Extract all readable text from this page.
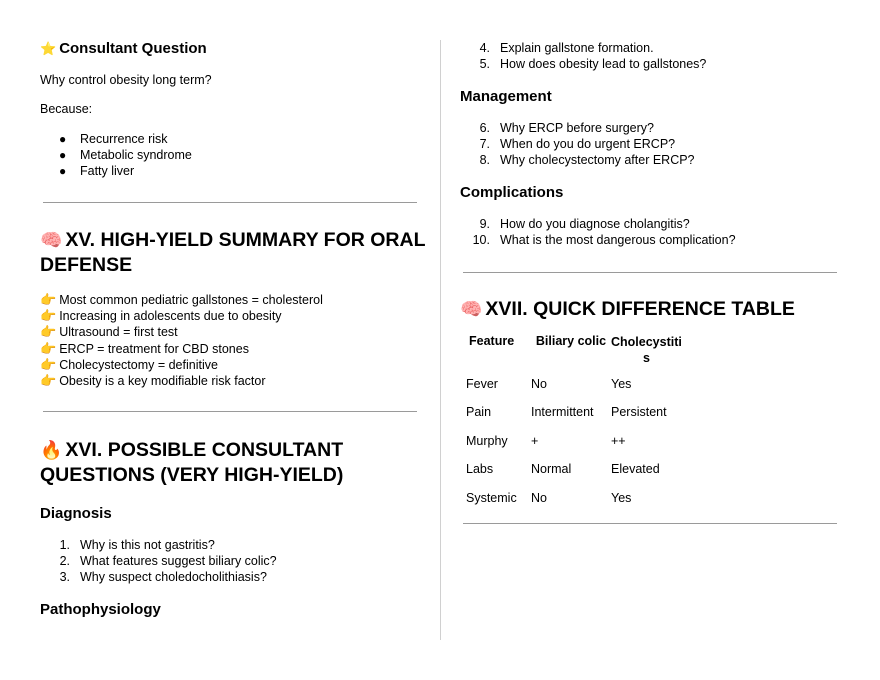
⭐ Consultant Question

Why control obesity long term?

Because:

● Recurrence risk
● Metabolic syndrome
● Fatty liver
🧠 XV. HIGH-YIELD SUMMARY FOR ORAL
DEFENSE
👉 Most common pediatric gallstones = cholesterol
👉 Increasing in adolescents due to obesity
👉 Ultrasound = first test
👉 ERCP = treatment for CBD stones
👉 Cholecystectomy = definitive
👉 Obesity is a key modifiable risk factor
🔥 XVI. POSSIBLE CONSULTANT
QUESTIONS (VERY HIGH-YIELD)
Diagnosis
1. Why is this not gastritis?
2. What features suggest biliary colic?
3. Why suspect choledocholithiasis?
Pathophysiology
4. Explain gallstone formation.
5. How does obesity lead to gallstones?
Management
6. Why ERCP before surgery?
7. When do you do urgent ERCP?
8. Why cholecystectomy after ERCP?
Complications
9. How do you diagnose cholangitis?
10. What is the most dangerous complication?
🧠 XVII. QUICK DIFFERENCE TABLE
Feature	Biliary colic	Cholecystiti
s

Fever	No	Yes
Pain	Intermittent	Persistent
Murphy	+	++
Labs	Normal	Elevated
Systemic	No	Yes
